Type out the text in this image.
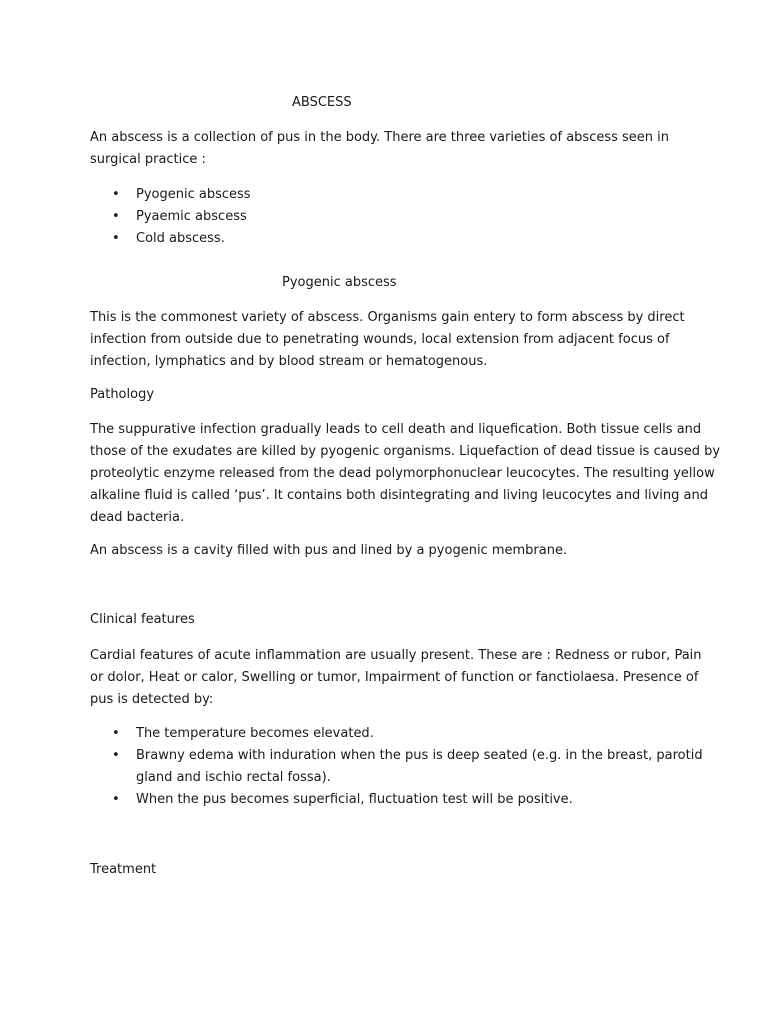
ABSCESS

An abscess is a collection of pus in the body. There are three varieties of abscess seen in
surgical practice :

• Pyogenic abscess
• Pyaemic abscess
• Cold abscess.
Pyogenic abscess

This is the commonest variety of abscess. Organisms gain entery to form abscess by direct
infection from outside due to penetrating wounds, local extension from adjacent focus of
infection, lymphatics and by blood stream or hematogenous.

Pathology

The suppurative infection gradually leads to cell death and liquefication. Both tissue cells and
those of the exudates are killed by pyogenic organisms. Liquefaction of dead tissue is caused by
proteolytic enzyme released from the dead polymorphonuclear leucocytes. The resulting yellow
alkaline fluid is called ‘pus’. It contains both disintegrating and living leucocytes and living and
dead bacteria.

An abscess is a cavity filled with pus and lined by a pyogenic membrane.
Clinical features

Cardial features of acute inflammation are usually present. These are : Redness or rubor, Pain
or dolor, Heat or calor, Swelling or tumor, Impairment of function or fanctiolaesa. Presence of
pus is detected by:

• The temperature becomes elevated.
• Brawny edema with induration when the pus is deep seated (e.g. in the breast, parotid
gland and ischio rectal fossa).
• When the pus becomes superficial, fluctuation test will be positive.
Treatment
